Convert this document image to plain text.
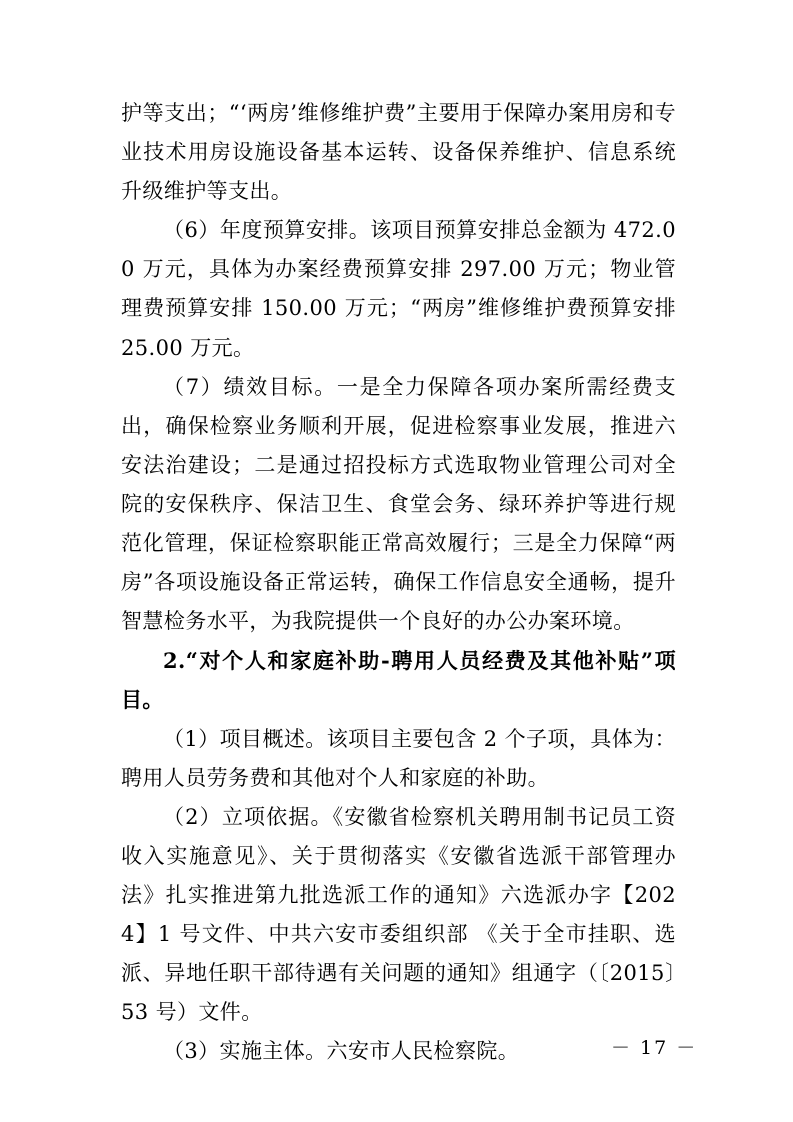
护等支出；“‘两房’维修维护费”主要用于保障办案用房和专业技术用房设施设备基本运转、设备保养维护、信息系统升级维护等支出。

（6）年度预算安排。该项目预算安排总金额为 472.00 万元，具体为办案经费预算安排 297.00 万元；物业管理费预算安排 150.00 万元；“两房”维修维护费预算安排 25.00 万元。

（7）绩效目标。一是全力保障各项办案所需经费支出，确保检察业务顺利开展，促进检察事业发展，推进六安法治建设；二是通过招投标方式选取物业管理公司对全院的安保秩序、保洁卫生、食堂会务、绿环养护等进行规范化管理，保证检察职能正常高效履行；三是全力保障“两房”各项设施设备正常运转，确保工作信息安全通畅，提升智慧检务水平，为我院提供一个良好的办公办案环境。

2.“对个人和家庭补助-聘用人员经费及其他补贴”项目。

（1）项目概述。该项目主要包含 2 个子项，具体为：聘用人员劳务费和其他对个人和家庭的补助。

（2）立项依据。《安徽省检察机关聘用制书记员工资收入实施意见》、关于贯彻落实《安徽省选派干部管理办法》扎实推进第九批选派工作的通知》六选派办字【2024】1 号文件、中共六安市委组织部 《关于全市挂职、选派、异地任职干部待遇有关问题的通知》组通字（〔2015〕53 号）文件。

（3）实施主体。六安市人民检察院。	－ 17 －
